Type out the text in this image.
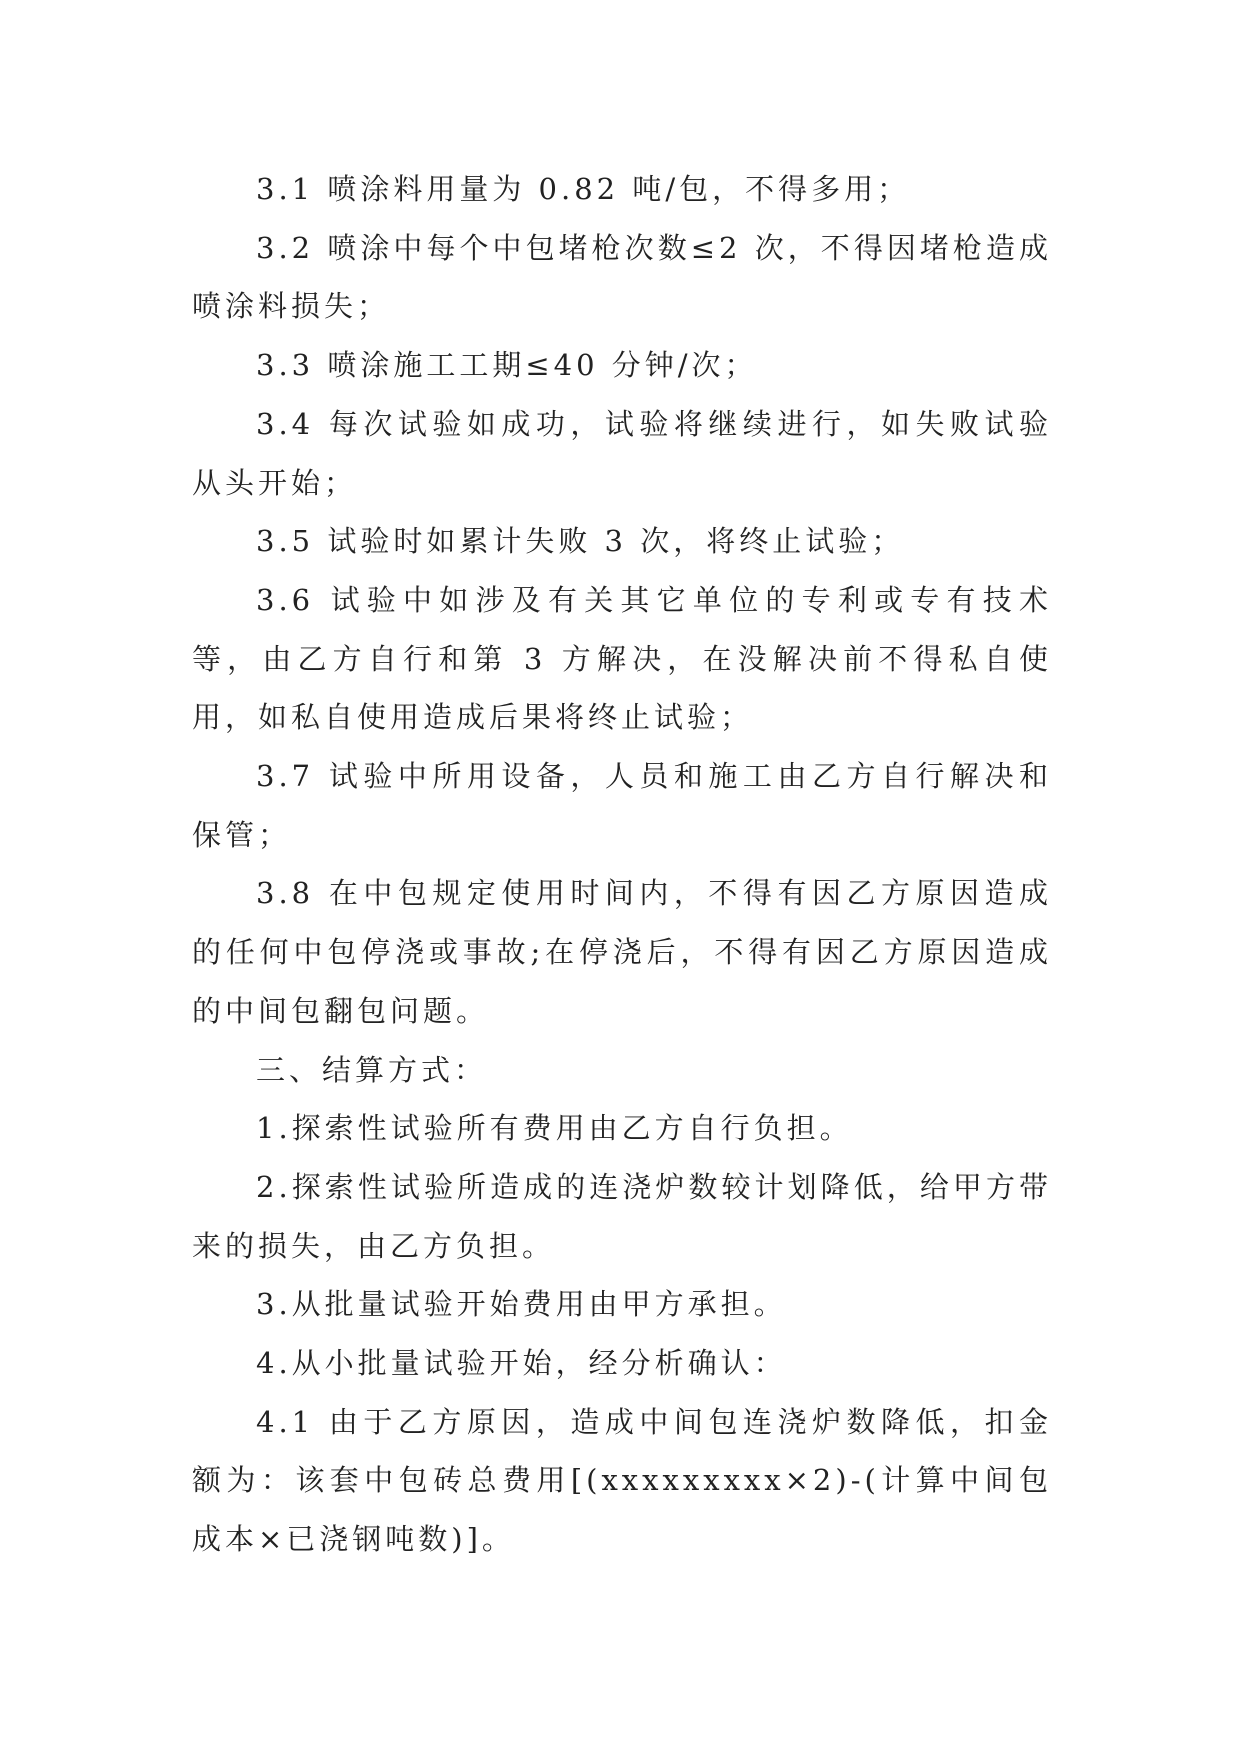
3.1 喷涂料用量为 0.82 吨/包，不得多用；

3.2 喷涂中每个中包堵枪次数≤2 次，不得因堵枪造成喷涂料损失；

3.3 喷涂施工工期≤40 分钟/次；

3.4 每次试验如成功，试验将继续进行，如失败试验从头开始；

3.5 试验时如累计失败 3 次，将终止试验；

3.6 试验中如涉及有关其它单位的专利或专有技术等，由乙方自行和第 3 方解决，在没解决前不得私自使用，如私自使用造成后果将终止试验；

3.7 试验中所用设备，人员和施工由乙方自行解决和保管；

3.8 在中包规定使用时间内，不得有因乙方原因造成的任何中包停浇或事故;在停浇后，不得有因乙方原因造成的中间包翻包问题。

三、结算方式：

1.探索性试验所有费用由乙方自行负担。

2.探索性试验所造成的连浇炉数较计划降低，给甲方带来的损失，由乙方负担。

3.从批量试验开始费用由甲方承担。

4.从小批量试验开始，经分析确认：

4.1 由于乙方原因，造成中间包连浇炉数降低，扣金额为：该套中包砖总费用[(xxxxxxxxx×2)-(计算中间包成本×已浇钢吨数)]。
